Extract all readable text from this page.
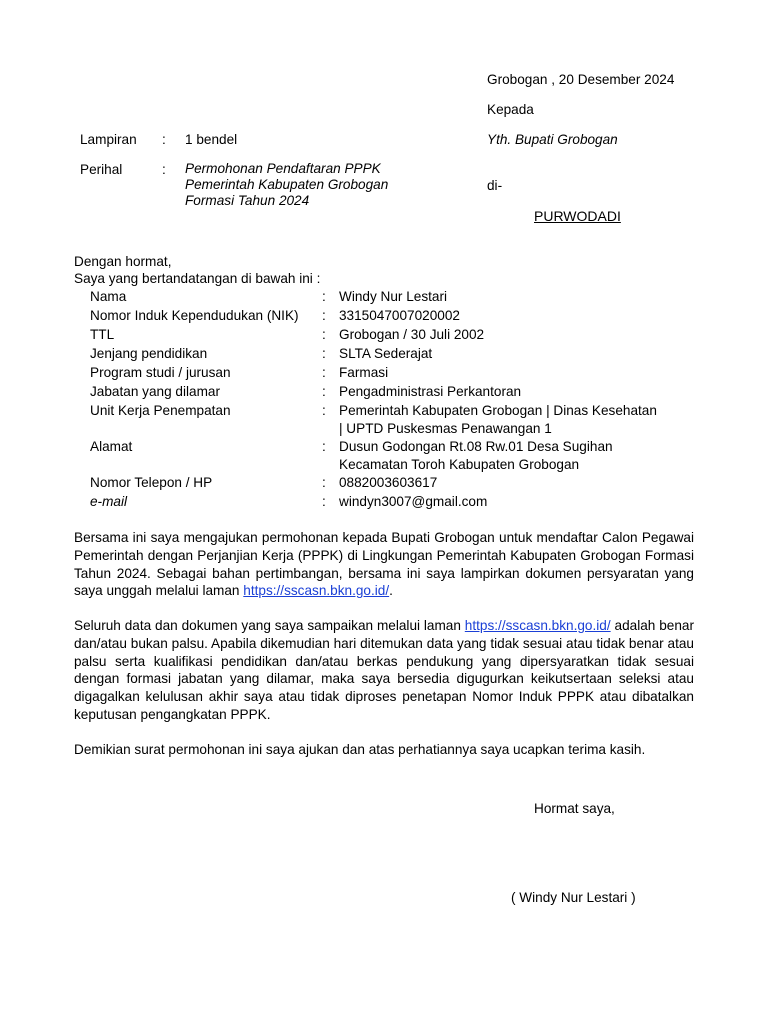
Grobogan , 20 Desember 2024
Kepada
Yth. Bupati Grobogan
di-
PURWODADI
Lampiran : 1 bendel
Perihal	: Permohonan Pendaftaran PPPK
Pemerintah Kabupaten Grobogan
Formasi Tahun 2024
Dengan hormat,
Saya yang bertandatangan di bawah ini :
Nama	: Windy Nur Lestari
Nomor Induk Kependudukan (NIK)	: 3315047007020002
TTL	: Grobogan / 30 Juli 2002
Jenjang pendidikan	: SLTA Sederajat
Program studi / jurusan	: Farmasi
Jabatan yang dilamar	: Pengadministrasi Perkantoran
Unit Kerja Penempatan	: Pemerintah Kabupaten Grobogan | Dinas Kesehatan
| UPTD Puskesmas Penawangan 1
Alamat	: Dusun Godongan Rt.08 Rw.01 Desa Sugihan
Kecamatan Toroh Kabupaten Grobogan
Nomor Telepon / HP	: 0882003603617
e-mail	: windyn3007@gmail.com
Bersama ini saya mengajukan permohonan kepada Bupati Grobogan untuk mendaftar Calon Pegawai Pemerintah dengan Perjanjian Kerja (PPPK) di Lingkungan Pemerintah Kabupaten Grobogan Formasi Tahun 2024. Sebagai bahan pertimbangan, bersama ini saya lampirkan dokumen persyaratan yang saya unggah melalui laman https://sscasn.bkn.go.id/.
Seluruh data dan dokumen yang saya sampaikan melalui laman https://sscasn.bkn.go.id/ adalah benar dan/atau bukan palsu. Apabila dikemudian hari ditemukan data yang tidak sesuai atau tidak benar atau palsu serta kualifikasi pendidikan dan/atau berkas pendukung yang dipersyaratkan tidak sesuai dengan formasi jabatan yang dilamar, maka saya bersedia digugurkan keikutsertaan seleksi atau digagalkan kelulusan akhir saya atau tidak diproses penetapan Nomor Induk PPPK atau dibatalkan keputusan pengangkatan PPPK.
Demikian surat permohonan ini saya ajukan dan atas perhatiannya saya ucapkan terima kasih.
Hormat saya,
( Windy Nur Lestari )
